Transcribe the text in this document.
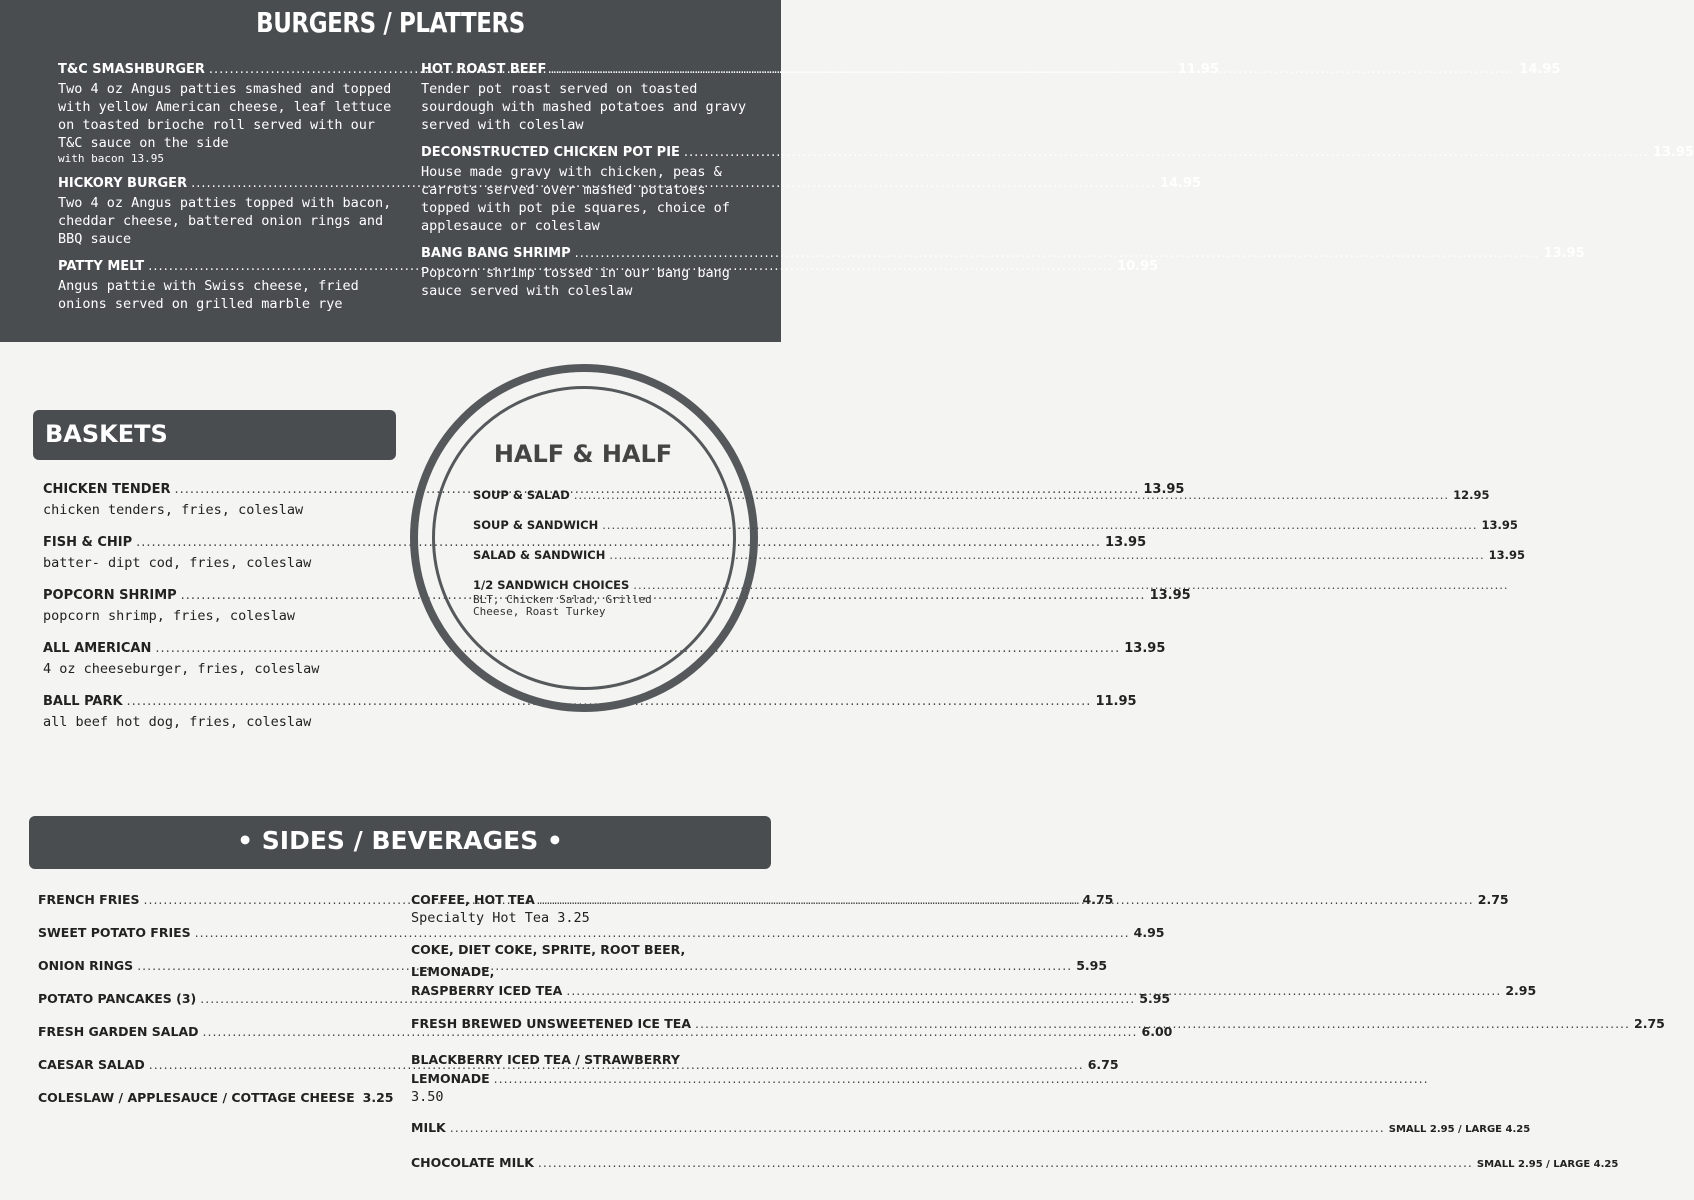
BURGERS / PLATTERS
T&C SMASHBURGER .....	11.95
Two 4 oz Angus patties smashed and topped with yellow American cheese, leaf lettuce on toasted brioche roll served with our T&C sauce on the side
with bacon 13.95
HICKORY BURGER .....	14.95
Two 4 oz Angus patties topped with bacon, cheddar cheese, battered onion rings and BBQ sauce
PATTY MELT .....	10.95
Angus pattie with Swiss cheese, fried onions served on grilled marble rye
HOT ROAST BEEF .....	14.95
Tender pot roast served on toasted sourdough with mashed potatoes and gravy served with coleslaw
DECONSTRUCTED CHICKEN POT PIE .....	13.95
House made gravy with chicken, peas & carrots served over mashed potatoes topped with pot pie squares, choice of applesauce or coleslaw
BANG BANG SHRIMP .....	13.95
Popcorn shrimp tossed in our bang bang sauce served with coleslaw
BASKETS
CHICKEN TENDER .....	13.95
chicken tenders, fries, coleslaw
FISH & CHIP .....	13.95
batter- dipt cod, fries, coleslaw
POPCORN SHRIMP .....	13.95
popcorn shrimp, fries, coleslaw
ALL AMERICAN .....	13.95
4 oz cheeseburger, fries, coleslaw
BALL PARK .....	11.95
all beef hot dog, fries, coleslaw
HALF & HALF
SOUP & SALAD .....	12.95
SOUP & SANDWICH .....	13.95
SALAD & SANDWICH .....	13.95
1/2 SANDWICH CHOICES
.....
BLT, Chicken Salad, Grilled Cheese, Roast Turkey
• SIDES / BEVERAGES •
FRENCH FRIES .....	4.75
SWEET POTATO FRIES .....	4.95
ONION RINGS .....	5.95
POTATO PANCAKES (3) .....	5.95
FRESH GARDEN SALAD .....	6.00
CAESAR SALAD .....	6.75
COLESLAW / APPLESAUCE / COTTAGE CHEESE 3.25
COFFEE, HOT TEA .....	2.75
Specialty Hot Tea 3.25
COKE, DIET COKE, SPRITE, ROOT BEER, LEMONADE,
RASPBERRY ICED TEA .....	2.95
FRESH BREWED UNSWEETENED ICE TEA .....	2.75
BLACKBERRY ICED TEA / STRAWBERRY
LEMONADE
.....
3.50
MILK .....	SMALL 2.95 / LARGE 4.25
CHOCOLATE MILK .....	SMALL 2.95 / LARGE 4.25
